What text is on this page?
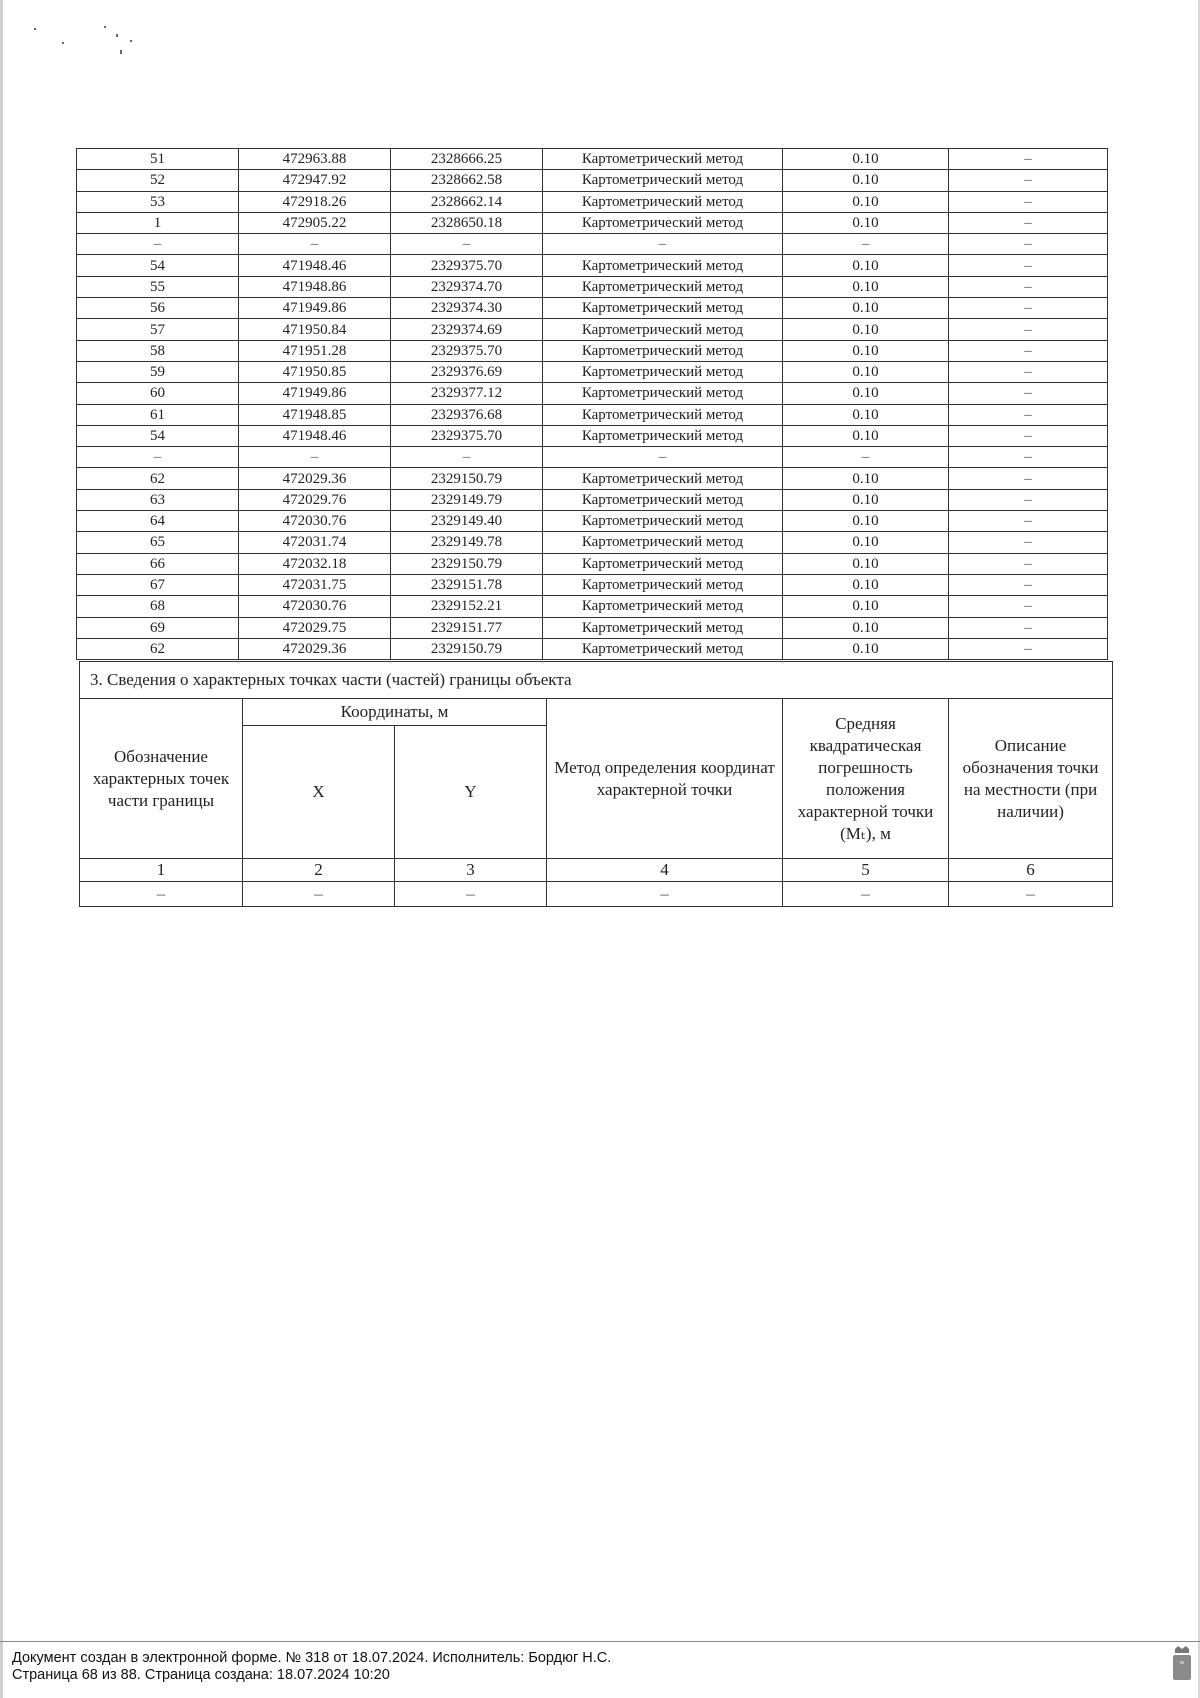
51	472963.88	2328666.25	Картометрический метод	0.10	–
52	472947.92	2328662.58	Картометрический метод	0.10	–
53	472918.26	2328662.14	Картометрический метод	0.10	–
1	472905.22	2328650.18	Картометрический метод	0.10	–
–	–	–	–	–	–
54	471948.46	2329375.70	Картометрический метод	0.10	–
55	471948.86	2329374.70	Картометрический метод	0.10	–
56	471949.86	2329374.30	Картометрический метод	0.10	–
57	471950.84	2329374.69	Картометрический метод	0.10	–
58	471951.28	2329375.70	Картометрический метод	0.10	–
59	471950.85	2329376.69	Картометрический метод	0.10	–
60	471949.86	2329377.12	Картометрический метод	0.10	–
61	471948.85	2329376.68	Картометрический метод	0.10	–
54	471948.46	2329375.70	Картометрический метод	0.10	–
–	–	–	–	–	–
62	472029.36	2329150.79	Картометрический метод	0.10	–
63	472029.76	2329149.79	Картометрический метод	0.10	–
64	472030.76	2329149.40	Картометрический метод	0.10	–
65	472031.74	2329149.78	Картометрический метод	0.10	–
66	472032.18	2329150.79	Картометрический метод	0.10	–
67	472031.75	2329151.78	Картометрический метод	0.10	–
68	472030.76	2329152.21	Картометрический метод	0.10	–
69	472029.75	2329151.77	Картометрический метод	0.10	–
62	472029.36	2329150.79	Картометрический метод	0.10	–
3. Сведения о характерных точках части (частей) границы объекта					
Обозначение характерных точек части границы	Координаты, м		Метод определения координат характерной точки	Средняя квадратическая погрешность положения характерной точки (Mₜ), м	Описание обозначения точки на местности (при наличии)
	X	Y			
1	2	3	4	5	6
–	–	–	–	–	–
Документ создан в электронной форме. № 318 от 18.07.2024. Исполнитель: Бордюг Н.С.
Страница 68 из 88. Страница создана: 18.07.2024 10:20
